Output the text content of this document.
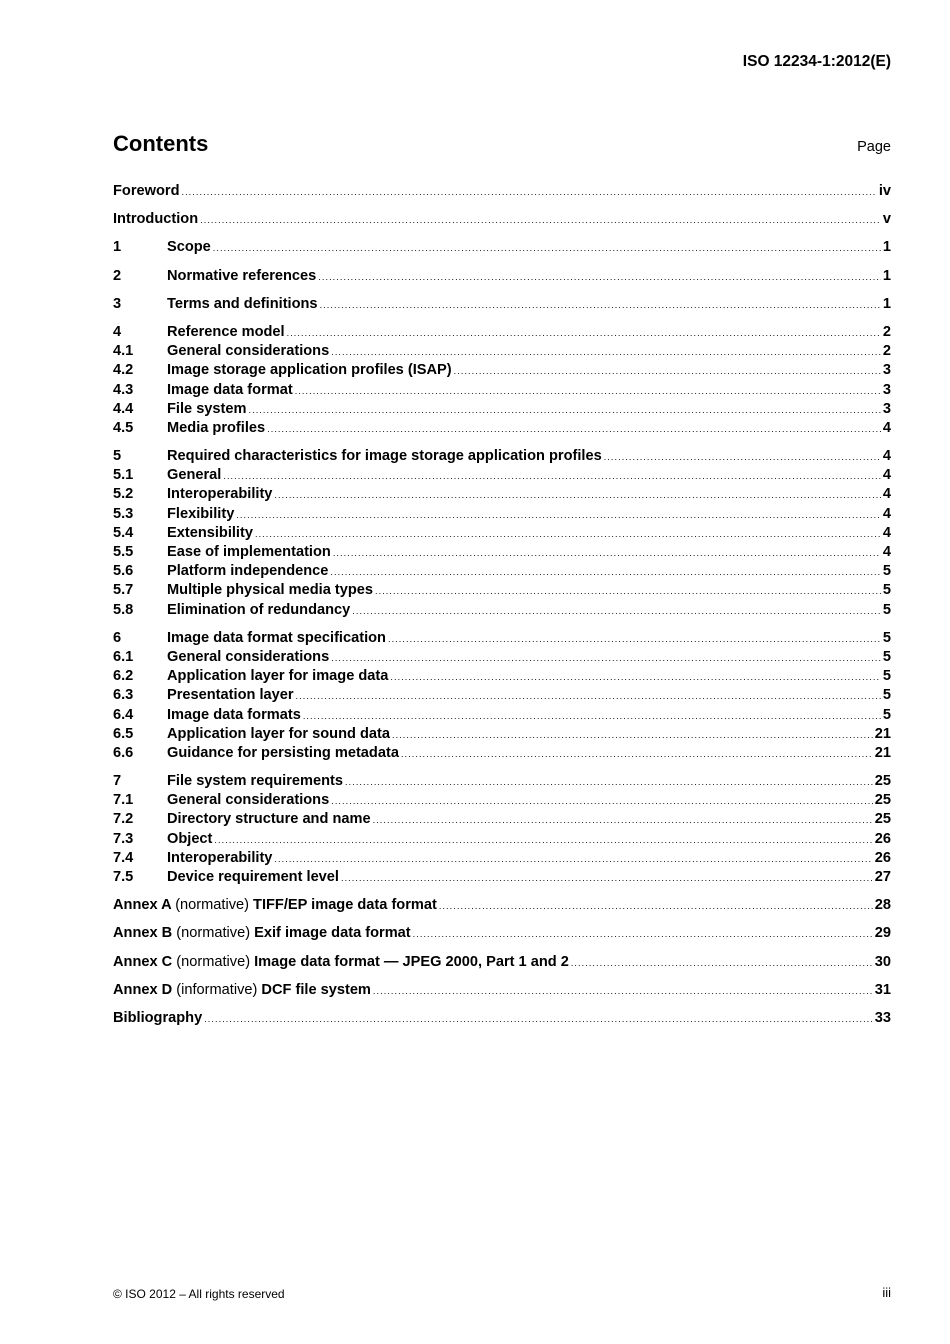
ISO 12234-1:2012(E)
Contents	Page
Foreword .....	iv
Introduction .....	v
1	Scope .....	1
2	Normative references .....	1
3	Terms and definitions .....	1
4	Reference model .....	2
4.1	General considerations .....	2
4.2	Image storage application profiles (ISAP) .....	3
4.3	Image data format .....	3
4.4	File system .....	3
4.5	Media profiles .....	4
5	Required characteristics for image storage application profiles .....	4
5.1	General .....	4
5.2	Interoperability .....	4
5.3	Flexibility .....	4
5.4	Extensibility .....	4
5.5	Ease of implementation .....	4
5.6	Platform independence .....	5
5.7	Multiple physical media types .....	5
5.8	Elimination of redundancy .....	5
6	Image data format specification .....	5
6.1	General considerations .....	5
6.2	Application layer for image data .....	5
6.3	Presentation layer .....	5
6.4	Image data formats .....	5
6.5	Application layer for sound data .....	21
6.6	Guidance for persisting metadata .....	21
7	File system requirements .....	25
7.1	General considerations .....	25
7.2	Directory structure and name .....	25
7.3	Object .....	26
7.4	Interoperability .....	26
7.5	Device requirement level .....	27
Annex A (normative) TIFF/EP image data format .....	28
Annex B (normative) Exif image data format .....	29
Annex C (normative) Image data format — JPEG 2000, Part 1 and 2 .....	30
Annex D (informative) DCF file system .....	31
Bibliography .....	33
© ISO 2012 – All rights reserved	iii
